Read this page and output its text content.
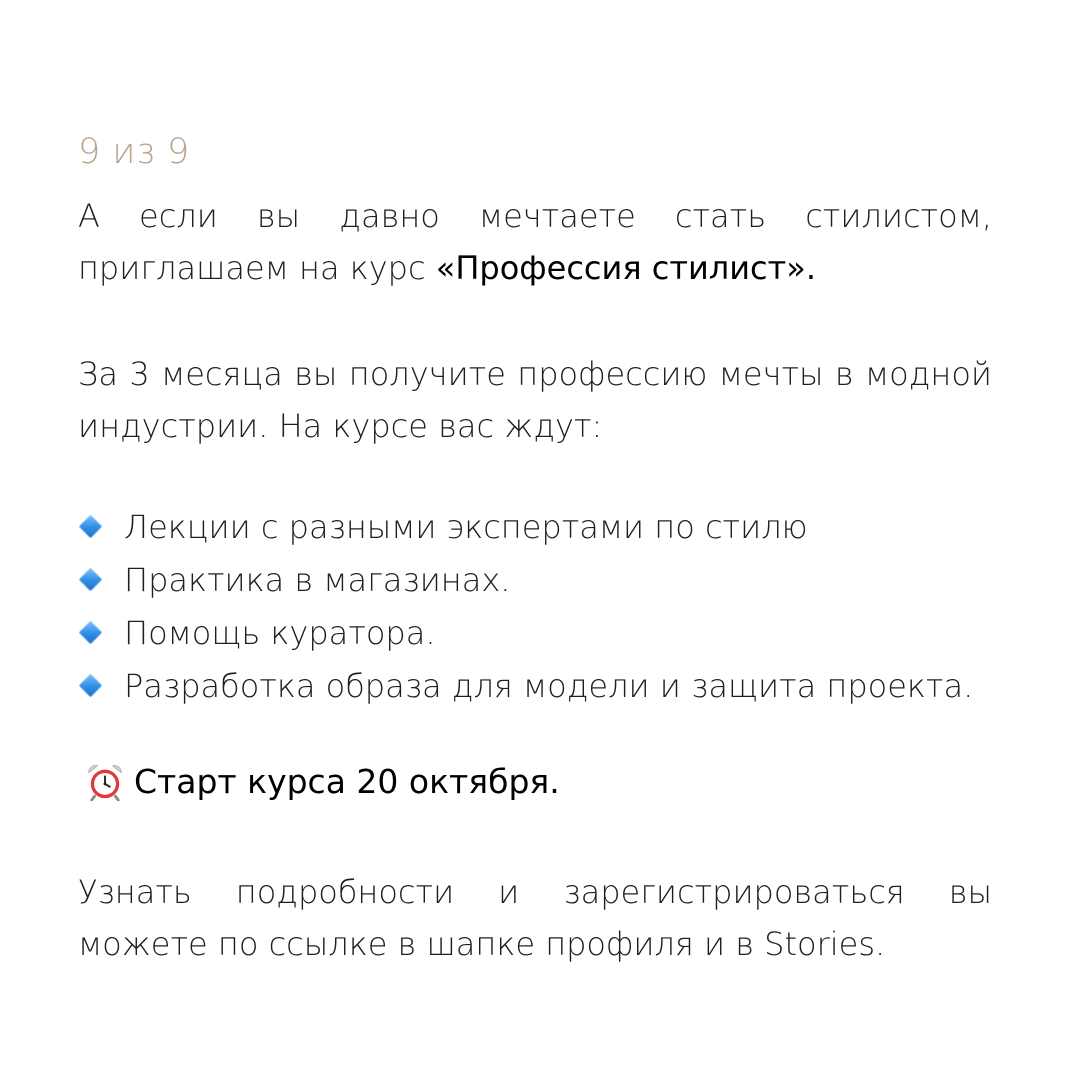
9 из 9
А если вы давно мечтаете стать стилистом,
приглашаем на курс «Профессия стилист».
За 3 месяца вы получите профессию мечты в модной индустрии. На курсе вас ждут:
Лекции с разными экспертами по стилю
Практика в магазинах.
Помощь куратора.
Разработка образа для модели и защита проекта.
Старт курса 20 октября.
Узнать подробности и зарегистрироваться вы можете по ссылке в шапке профиля и в Stories.
